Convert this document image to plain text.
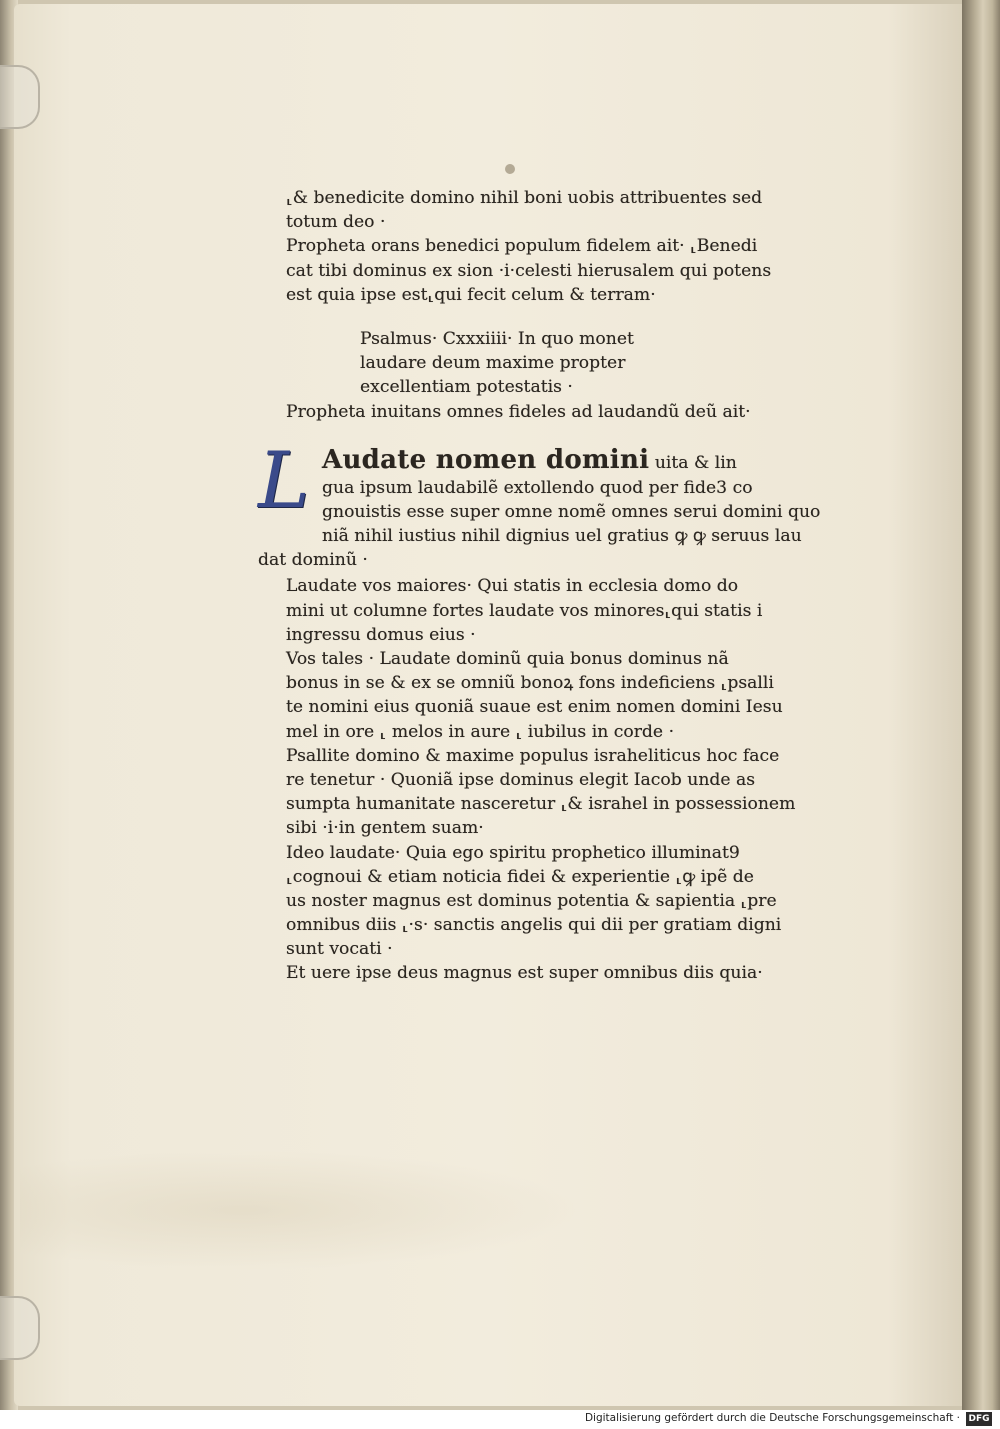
⸤& benedicite domino nihil boni uobis attribuentes sed
totum deo ·
Propheta orans benedici populum fidelem ait· ⸤Benedi
cat tibi dominus ex sion ·i·celesti hierusalem qui potens
est quia ipse est⸤qui fecit celum & terram·
Psalmus· Cxxxiiii· In quo monet
laudare deum maxime propter
excellentiam potestatis ·
Propheta inuitans omnes fideles ad laudandũ deũ ait·
L Audate nomen domini uita & lin
gua ipsum laudabilẽ extollendo quod per fide3 co
gnouistis esse super omne nomẽ omnes serui domini quo
niã nihil iustius nihil dignius uel gratius ꝙ ꝙ seruus lau
dat dominũ ·
Laudate vos maiores· Qui statis in ecclesia domo do
mini ut columne fortes laudate vos minores⸤qui statis i
ingressu domus eius ·
Vos tales · Laudate dominũ quia bonus dominus nã
bonus in se & ex se omniũ bonoꝝ fons indeficiens ⸤psalli
te nomini eius quoniã suaue est enim nomen domini Iesu
mel in ore ⸤ melos in aure ⸤ iubilus in corde ·
Psallite domino & maxime populus israheliticus hoc face
re tenetur · Quoniã ipse dominus elegit Iacob unde as
sumpta humanitate nasceretur ⸤& israhel in possessionem
sibi ·i·in gentem suam·
Ideo laudate· Quia ego spiritu prophetico illuminat9
⸤cognoui & etiam noticia fidei & experientie ⸤ꝙ ipẽ de
us noster magnus est dominus potentia & sapientia ⸤pre
omnibus diis ⸤·s· sanctis angelis qui dii per gratiam digni
sunt vocati ·
Et uere ipse deus magnus est super omnibus diis quia·
Digitalisierung gefördert durch die Deutsche Forschungsgemeinschaft · DFG
